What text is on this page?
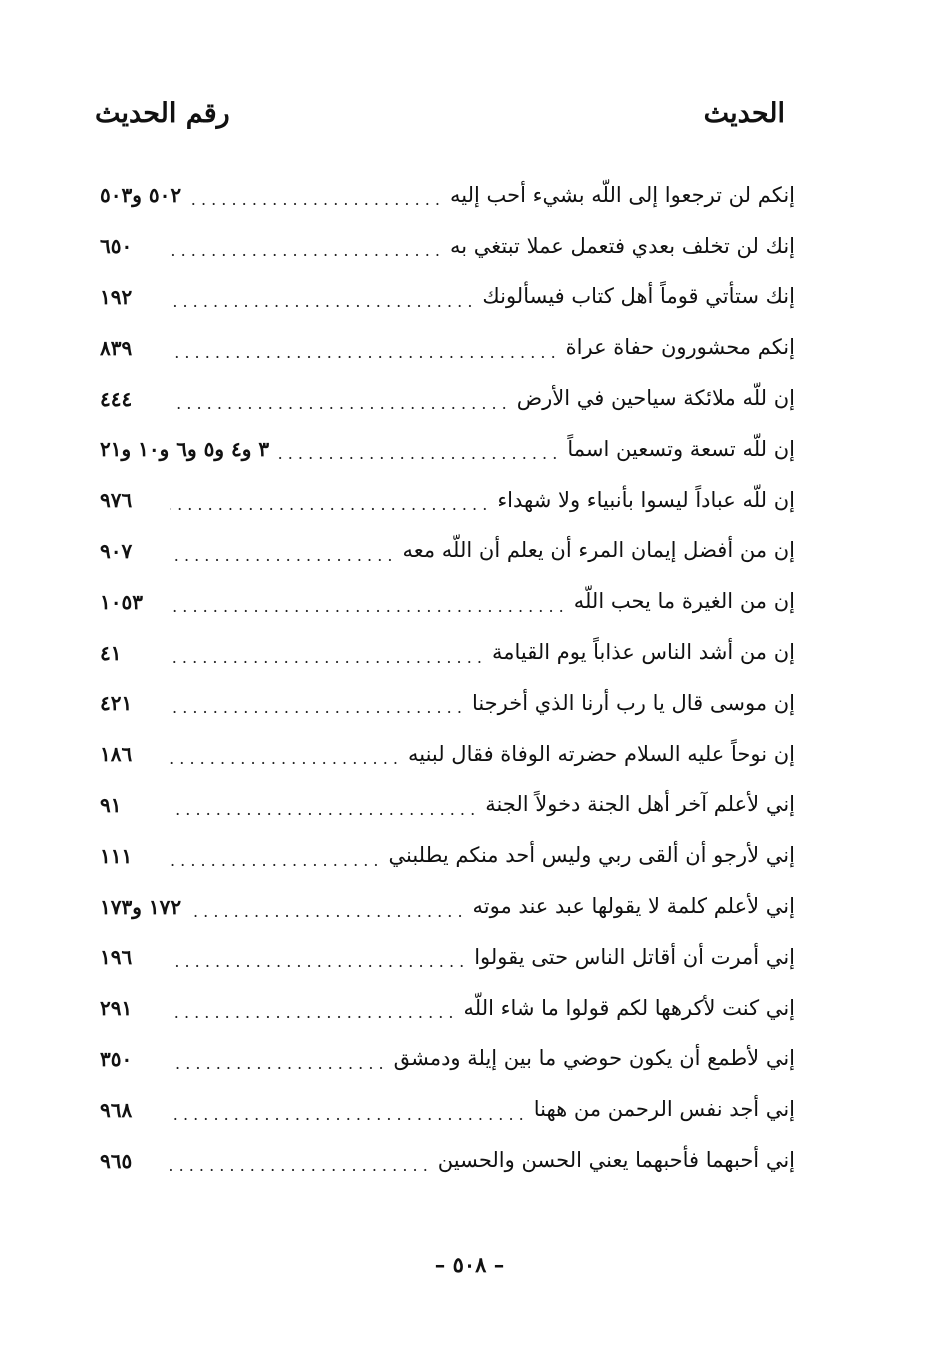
الحديث
رقم الحديث
إنكم لن ترجعوا إلى اللّه بشيء أحب إليه
. . .
٥٠٢ و٥٠٣
إنك لن تخلف بعدي فتعمل عملا تبتغي به
. . .
٦٥٠
إنك ستأتي قوماً أهل كتاب فيسألونك
. . .
١٩٢
إنكم محشورون حفاة عراة
. . .
٨٣٩
إن للّه ملائكة سياحين في الأرض
. . .
٤٤٤
إن للّه تسعة وتسعين اسماً
. . .
٣ و٤ و٥ و٦ و١٠ و٢١
إن للّه عباداً ليسوا بأنبياء ولا شهداء
. . .
٩٧٦
إن من أفضل إيمان المرء أن يعلم أن اللّه معه
. . .
٩٠٧
إن من الغيرة ما يحب اللّه
. . .
١٠٥٣
إن من أشد الناس عذاباً يوم القيامة
. . .
٤١
إن موسى قال يا رب أرنا الذي أخرجنا
. . .
٤٢١
إن نوحاً عليه السلام حضرته الوفاة فقال لبنيه
. . .
١٨٦
إني لأعلم آخر أهل الجنة دخولاً الجنة
. . .
٩١
إني لأرجو أن ألقى ربي وليس أحد منكم يطلبني
. . .
١١١
إني لأعلم كلمة لا يقولها عبد عند موته
. . .
١٧٢ و١٧٣
إني أمرت أن أقاتل الناس حتى يقولوا
. . .
١٩٦
إني كنت لأكرهها لكم قولوا ما شاء اللّه
. . .
٢٩١
إني لأطمع أن يكون حوضي ما بين إيلة ودمشق
. . .
٣٥٠
إني أجد نفس الرحمن من ههنا
. . .
٩٦٨
إني أحبهما فأحبهما يعني الحسن والحسين
. . .
٩٦٥
– ٥٠٨ –
